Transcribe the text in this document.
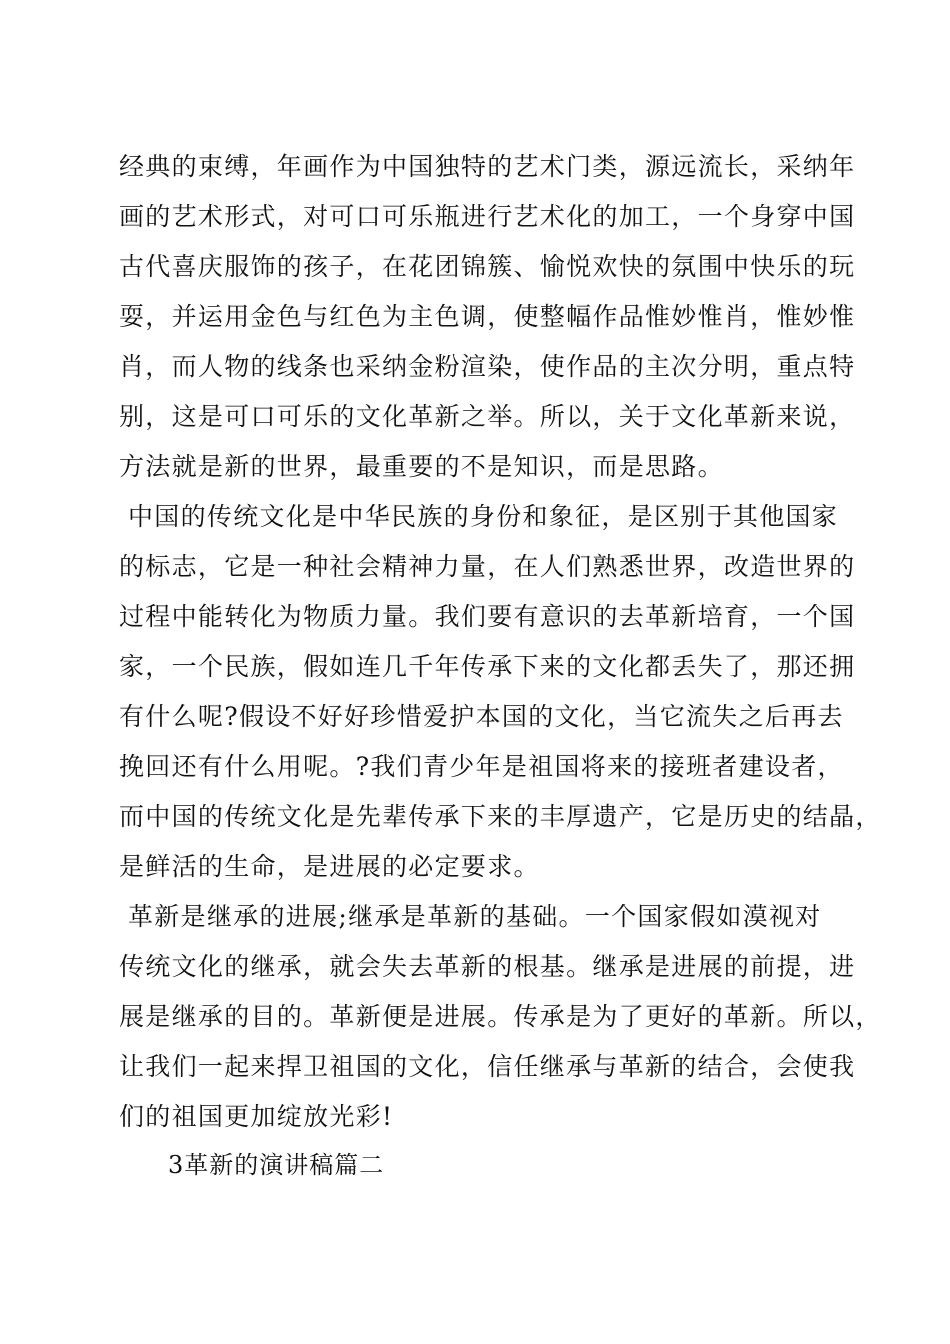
经典的束缚，年画作为中国独特的艺术门类，源远流长，采纳年
画的艺术形式，对可口可乐瓶进行艺术化的加工，一个身穿中国
古代喜庆服饰的孩子，在花团锦簇、愉悦欢快的氛围中快乐的玩
耍，并运用金色与红色为主色调，使整幅作品惟妙惟肖，惟妙惟
肖，而人物的线条也采纳金粉渲染，使作品的主次分明，重点特
别，这是可口可乐的文化革新之举。所以，关于文化革新来说，
方法就是新的世界，最重要的不是知识，而是思路。
中国的传统文化是中华民族的身份和象征，是区别于其他国家
的标志，它是一种社会精神力量，在人们熟悉世界，改造世界的
过程中能转化为物质力量。我们要有意识的去革新培育，一个国
家，一个民族，假如连几千年传承下来的文化都丢失了，那还拥
有什么呢?假设不好好珍惜爱护本国的文化，当它流失之后再去
挽回还有什么用呢。?我们青少年是祖国将来的接班者建设者，
而中国的传统文化是先辈传承下来的丰厚遗产，它是历史的结晶，
是鲜活的生命，是进展的必定要求。
革新是继承的进展;继承是革新的基础。一个国家假如漠视对
传统文化的继承，就会失去革新的根基。继承是进展的前提，进
展是继承的目的。革新便是进展。传承是为了更好的革新。所以，
让我们一起来捍卫祖国的文化，信任继承与革新的结合，会使我
们的祖国更加绽放光彩!
3革新的演讲稿篇二
